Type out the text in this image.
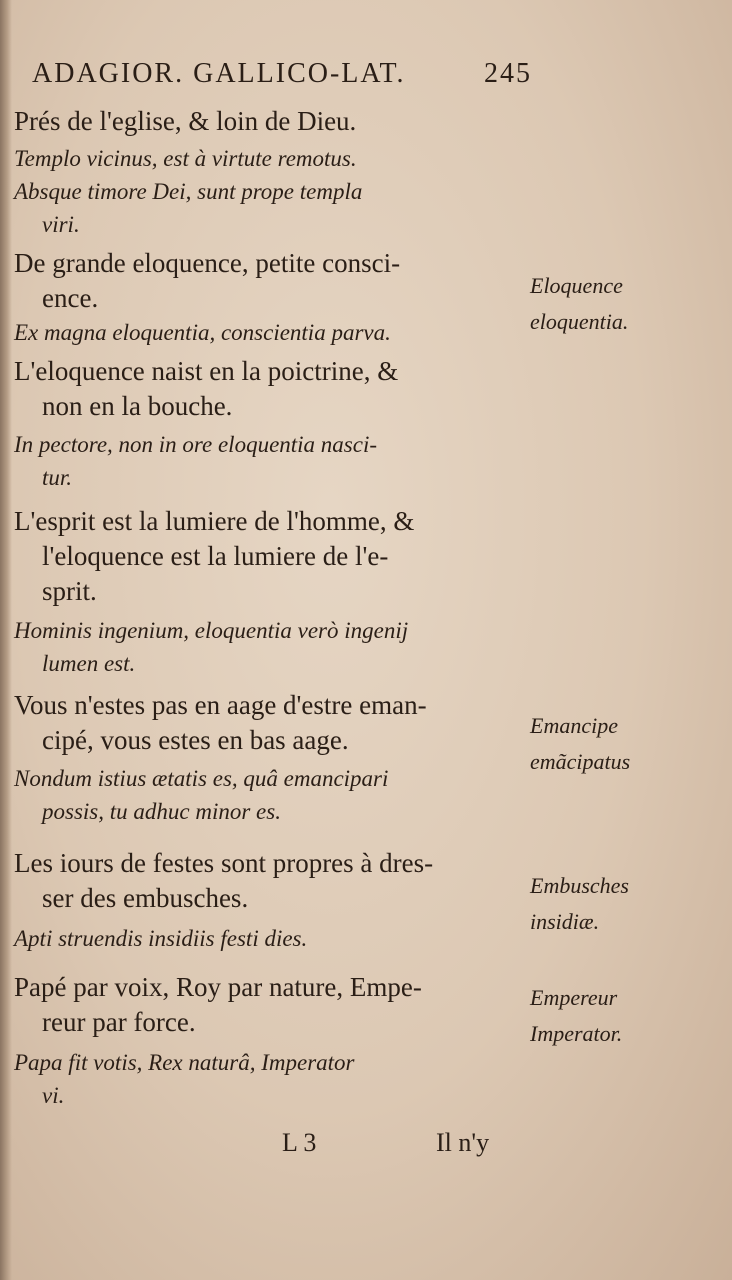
ADAGIOR. GALLICO-LAT.	245
Prés de l'eglise, & loin de Dieu.
Templo vicinus, est à virtute remotus.
Absque timore Dei, sunt prope templa
viri.
De grande eloquence, petite consci-
ence.
Ex magna eloquentia, conscientia parva.
L'eloquence naist en la poictrine, &
non en la bouche.
In pectore, non in ore eloquentia nasci-
tur.
L'esprit est la lumiere de l'homme, &
l'eloquence est la lumiere de l'e-
sprit.
Hominis ingenium, eloquentia verò ingenij
lumen est.
Vous n'estes pas en aage d'estre eman-
cipé, vous estes en bas aage.
Nondum istius ætatis es, quâ emancipari
possis, tu adhuc minor es.
Les iours de festes sont propres à dres-
ser des embusches.
Apti struendis insidiis festi dies.
Papé par voix, Roy par nature, Empe-
reur par force.
Papa fit votis, Rex naturâ, Imperator
vi.
Eloquence
eloquentia.
Emancipe
emãcipatus
Embusches
insidiæ.
Empereur
Imperator.
L 3	Il n'y
